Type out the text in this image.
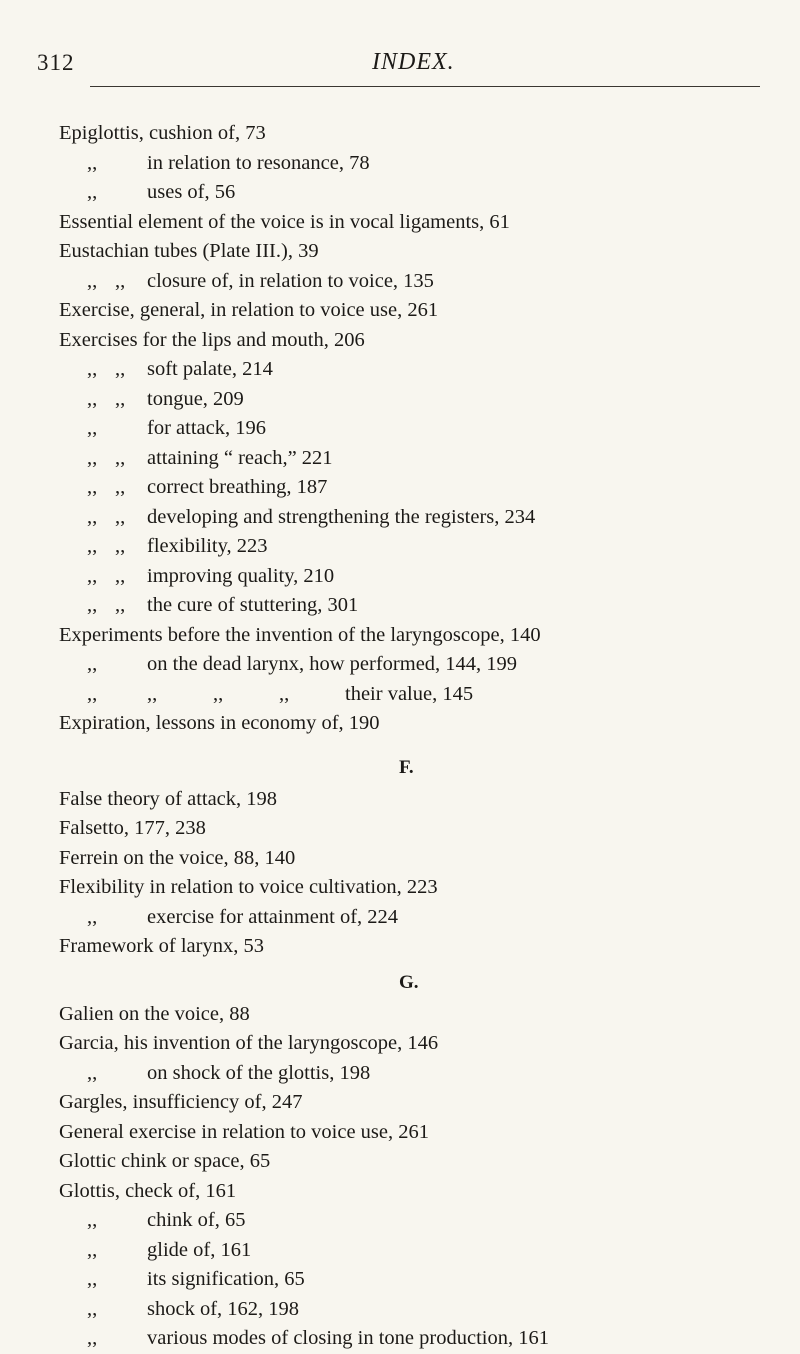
312	INDEX.
Epiglottis, cushion of, 73
,, in relation to resonance, 78
,, uses of, 56
Essential element of the voice is in vocal ligaments, 61
Eustachian tubes (Plate III.), 39
,, ,, closure of, in relation to voice, 135
Exercise, general, in relation to voice use, 261
Exercises for the lips and mouth, 206
,, ,, soft palate, 214
,, ,, tongue, 209
,, for attack, 196
,, ,, attaining “ reach,” 221
,, ,, correct breathing, 187
,, ,, developing and strengthening the registers, 234
,, ,, flexibility, 223
,, ,, improving quality, 210
,, ,, the cure of stuttering, 301
Experiments before the invention of the laryngoscope, 140
,, on the dead larynx, how performed, 144, 199
,, ,,	,,	,,	their value, 145
Expiration, lessons in economy of, 190
F.
False theory of attack, 198
Falsetto, 177, 238
Ferrein on the voice, 88, 140
Flexibility in relation to voice cultivation, 223
,, exercise for attainment of, 224
Framework of larynx, 53
G.
Galien on the voice, 88
Garcia, his invention of the laryngoscope, 146
,, on shock of the glottis, 198
Gargles, insufficiency of, 247
General exercise in relation to voice use, 261
Glottic chink or space, 65
Glottis, check of, 161
,, chink of, 65
,, glide of, 161
,, its signification, 65
,, shock of, 162, 198
,, various modes of closing in tone production, 161
